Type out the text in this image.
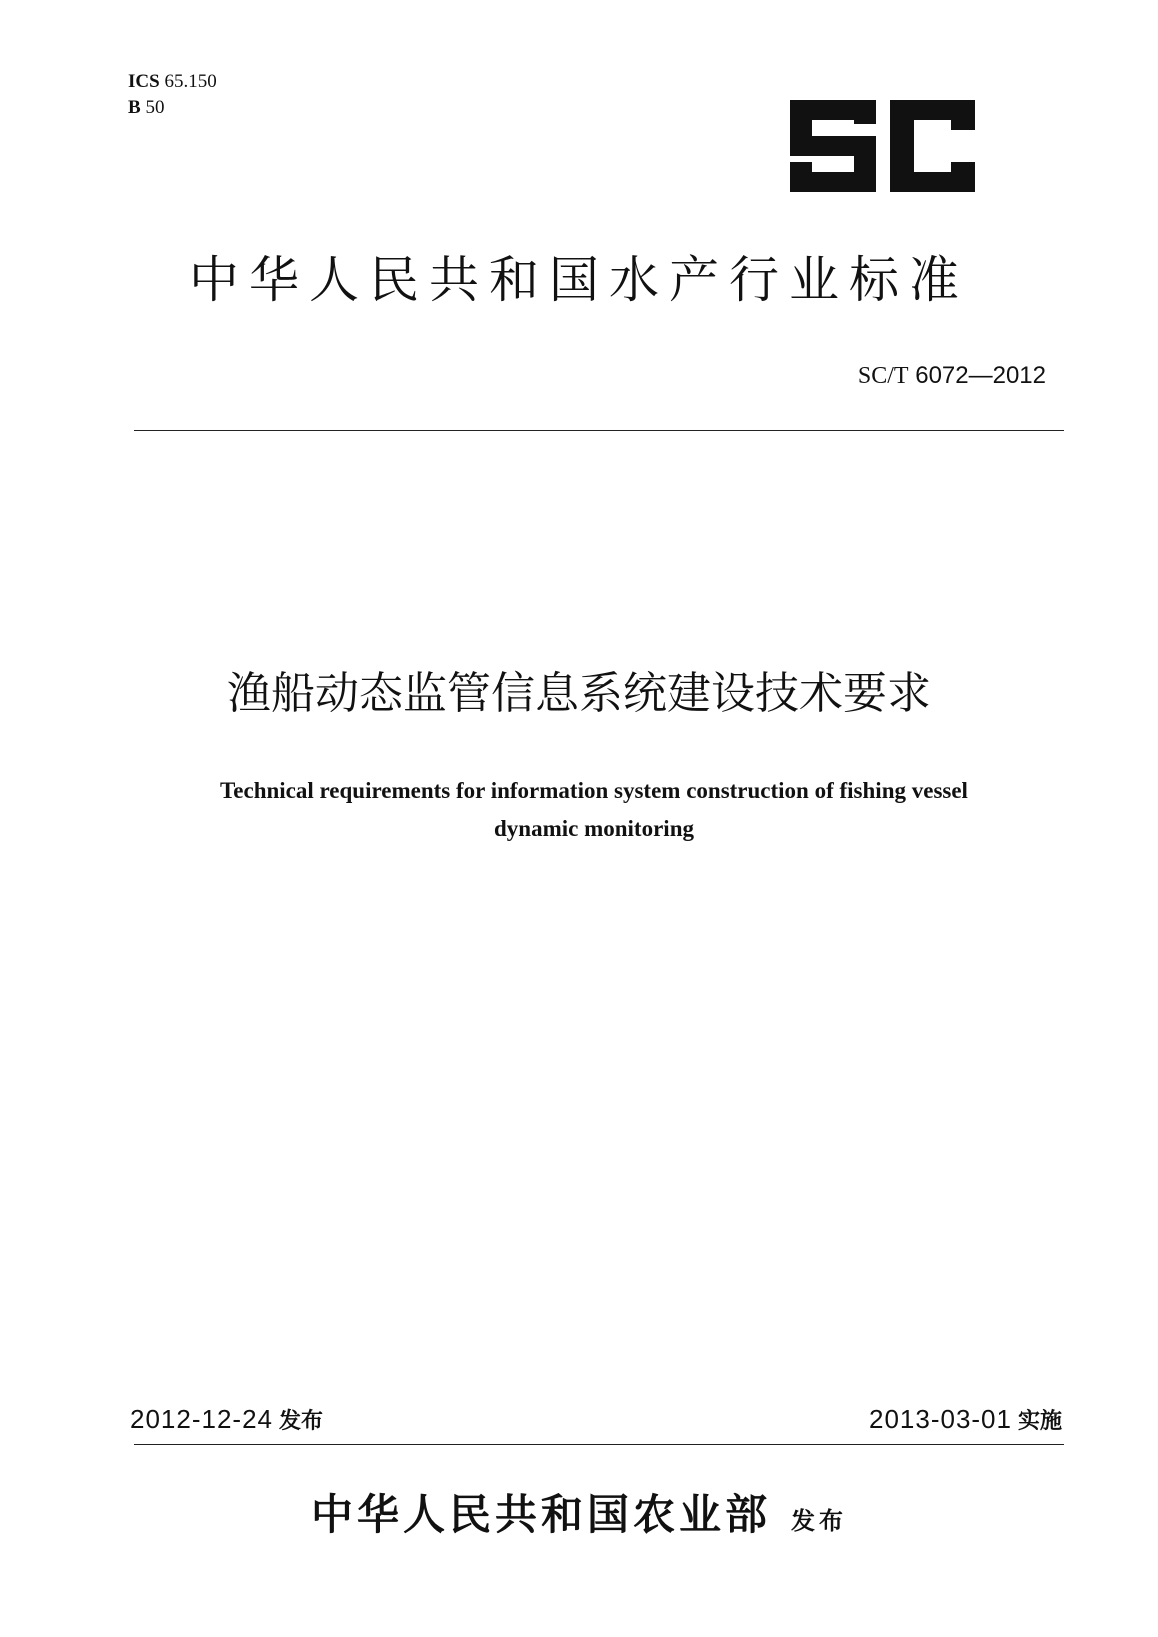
ICS 65.150
B 50
中华人民共和国水产行业标准
SC/T 6072—2012
渔船动态监管信息系统建设技术要求
Technical requirements for information system construction of fishing vessel
dynamic monitoring
2012-12-24 发布	2013-03-01 实施
中华人民共和国农业部 发布
